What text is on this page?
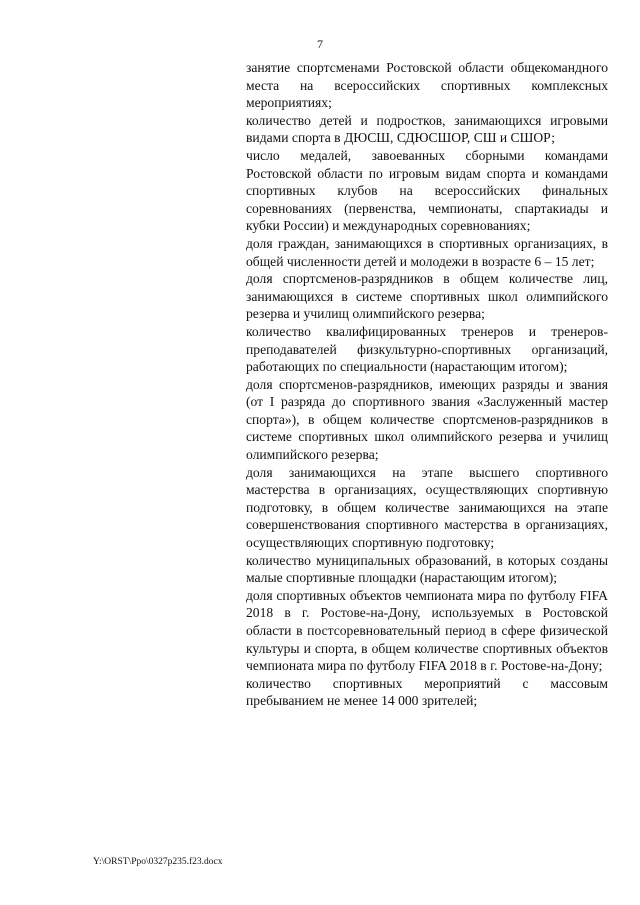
7

занятие спортсменами Ростовской области общекомандного места на всероссийских спортивных комплексных мероприятиях;

количество детей и подростков, занимающихся игровыми видами спорта в ДЮСШ, СДЮСШОР, СШ и СШОР;

число медалей, завоеванных сборными командами Ростовской области по игровым видам спорта и командами спортивных клубов на всероссийских финальных соревнованиях (первенства, чемпионаты, спартакиады и кубки России) и международных соревнованиях;

доля граждан, занимающихся в спортивных организациях, в общей численности детей и молодежи в возрасте 6 – 15 лет;

доля спортсменов-разрядников в общем количестве лиц, занимающихся в системе спортивных школ олимпийского резерва и училищ олимпийского резерва;

количество квалифицированных тренеров и тренеров-преподавателей физкультурно-спортивных организаций, работающих по специальности (нарастающим итогом);

доля спортсменов-разрядников, имеющих разряды и звания (от I разряда до спортивного звания «Заслуженный мастер спорта»), в общем количестве спортсменов-разрядников в системе спортивных школ олимпийского резерва и училищ олимпийского резерва;

доля занимающихся на этапе высшего спортивного мастерства в организациях, осуществляющих спортивную подготовку, в общем количестве занимающихся на этапе совершенствования спортивного мастерства в организациях, осуществляющих спортивную подготовку;

количество муниципальных образований, в которых созданы малые спортивные площадки (нарастающим итогом);

доля спортивных объектов чемпионата мира по футболу FIFA 2018 в г. Ростове-на-Дону, используемых в Ростовской области в постсоревновательный период в сфере физической культуры и спорта, в общем количестве спортивных объектов чемпионата мира по футболу FIFA 2018 в г. Ростове-на-Дону;

количество спортивных мероприятий с массовым пребыванием не менее 14 000 зрителей;

Y:\ORST\Ppo\0327p235.f23.docx
